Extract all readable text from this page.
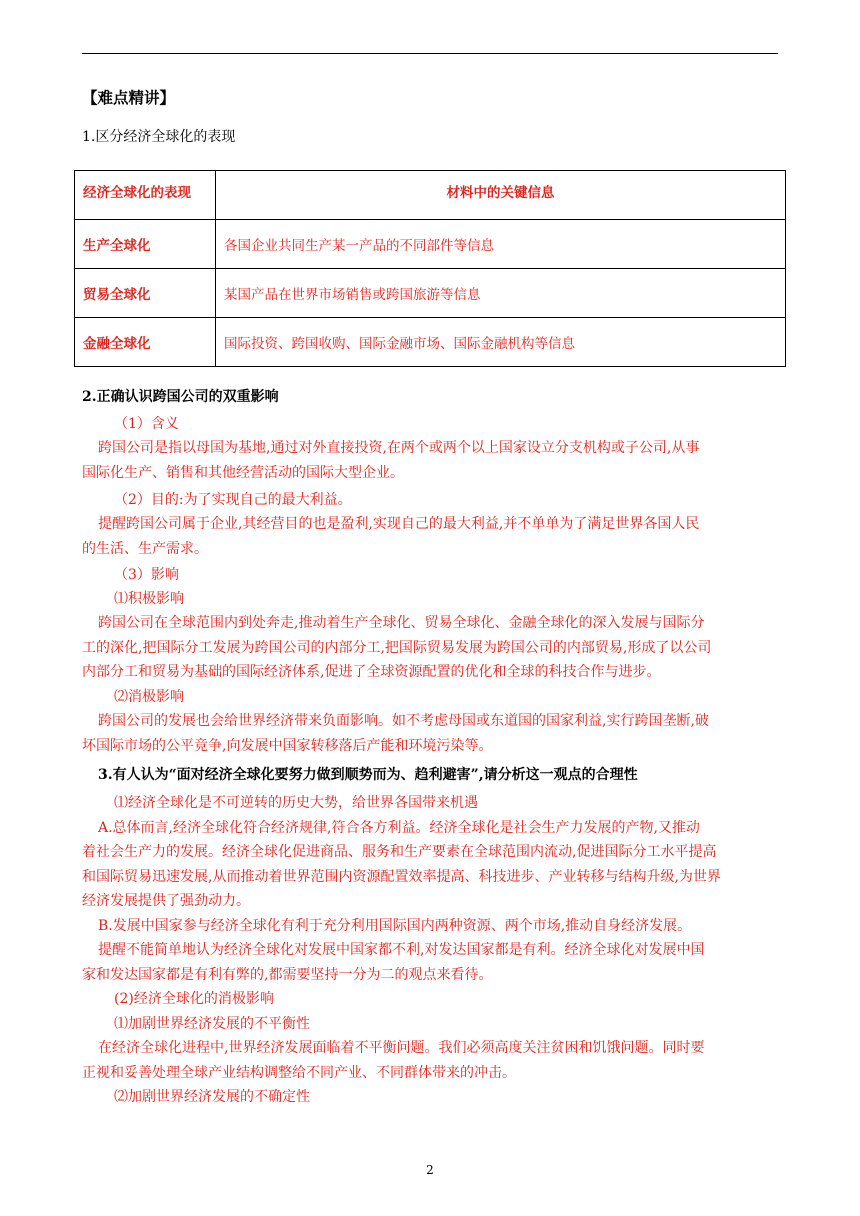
【难点精讲】
1.区分经济全球化的表现
经济全球化的表现	材料中的关键信息
生产全球化	各国企业共同生产某一产品的不同部件等信息
贸易全球化	某国产品在世界市场销售或跨国旅游等信息
金融全球化	国际投资、跨国收购、国际金融市场、国际金融机构等信息
2.正确认识跨国公司的双重影响
（1）含义
跨国公司是指以母国为基地,通过对外直接投资,在两个或两个以上国家设立分支机构或子公司,从事
国际化生产、销售和其他经营活动的国际大型企业。
（2）目的:为了实现自己的最大利益。
提醒跨国公司属于企业,其经营目的也是盈利,实现自己的最大利益,并不单单为了满足世界各国人民
的生活、生产需求。
（3）影响
⑴积极影响
跨国公司在全球范围内到处奔走,推动着生产全球化、贸易全球化、金融全球化的深入发展与国际分
工的深化,把国际分工发展为跨国公司的内部分工,把国际贸易发展为跨国公司的内部贸易,形成了以公司
内部分工和贸易为基础的国际经济体系,促进了全球资源配置的优化和全球的科技合作与进步。
⑵消极影响
跨国公司的发展也会给世界经济带来负面影响。如不考虑母国或东道国的国家利益,实行跨国垄断,破
坏国际市场的公平竞争,向发展中国家转移落后产能和环境污染等。
3.有人认为“面对经济全球化要努力做到顺势而为、趋利避害”,请分析这一观点的合理性
⑴经济全球化是不可逆转的历史大势，给世界各国带来机遇
A.总体而言,经济全球化符合经济规律,符合各方利益。经济全球化是社会生产力发展的产物,又推动
着社会生产力的发展。经济全球化促进商品、服务和生产要素在全球范围内流动,促进国际分工水平提高
和国际贸易迅速发展,从而推动着世界范围内资源配置效率提高、科技进步、产业转移与结构升级,为世界
经济发展提供了强劲动力。
B.发展中国家参与经济全球化有利于充分利用国际国内两种资源、两个市场,推动自身经济发展。
提醒不能简单地认为经济全球化对发展中国家都不利,对发达国家都是有利。经济全球化对发展中国
家和发达国家都是有利有弊的,都需要坚持一分为二的观点来看待。
(2)经济全球化的消极影响
⑴加剧世界经济发展的不平衡性
在经济全球化进程中,世界经济发展面临着不平衡问题。我们必须高度关注贫困和饥饿问题。同时要
正视和妥善处理全球产业结构调整给不同产业、不同群体带来的冲击。
⑵加剧世界经济发展的不确定性
2
